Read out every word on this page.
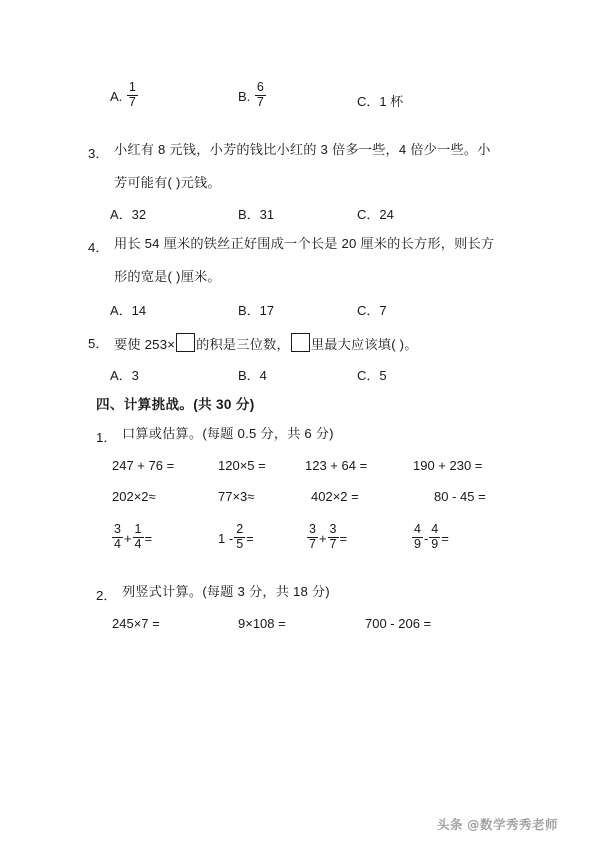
A. $\frac{1}{7}$	B. $\frac{6}{7}$	C．1 杯
3． 小红有 8 元钱，小芳的钱比小红的 3 倍多一些，4 倍少一些。小
芳可能有( )元钱。
A．32	B．31	C．24
4． 用长 54 厘米的铁丝正好围成一个长是 20 厘米的长方形，则长方
形的宽是( )厘米。
A．14	B．17	C．7
5． 要使 253× 的积是三位数， 里最大应该填( )。
A．3	B．4	C．5
四、计算挑战。(共 30 分)
1． 口算或估算。(每题 0.5 分，共 6 分)
247 + 76 =	120×5 =	123 + 64 =	190 + 230 =
202×2≈	77×3≈	402×2 =	80 - 45 =
$\frac{3}{4} + \frac{1}{4}$ =	$1 - \frac{2}{5}$ =	$\frac{3}{7} + \frac{3}{7}$ =	$\frac{4}{9} - \frac{4}{9}$ =
2． 列竖式计算。(每题 3 分，共 18 分)
245×7 =	9×108 =	700 - 206 =
头条 @数学秀秀老师
